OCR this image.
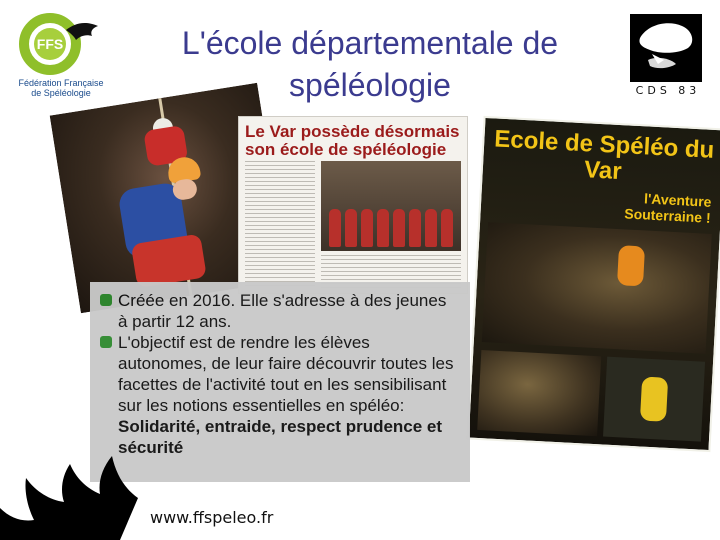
FFS
Fédération Française
de Spéléologie
L'école départementale de spéléologie	CDS 83
Le Var possède désormais son école de spéléologie	Ecole de Spéléo du Var
l'Aventure Souterraine !
Créée en 2016. Elle s'adresse à des jeunes à partir 12 ans.
L'objectif est de rendre les élèves autonomes, de leur faire découvrir toutes les facettes de l'activité tout en les sensibilisant sur les notions essentielles en spéléo: Solidarité, entraide, respect prudence et sécurité
www.ffspeleo.fr
